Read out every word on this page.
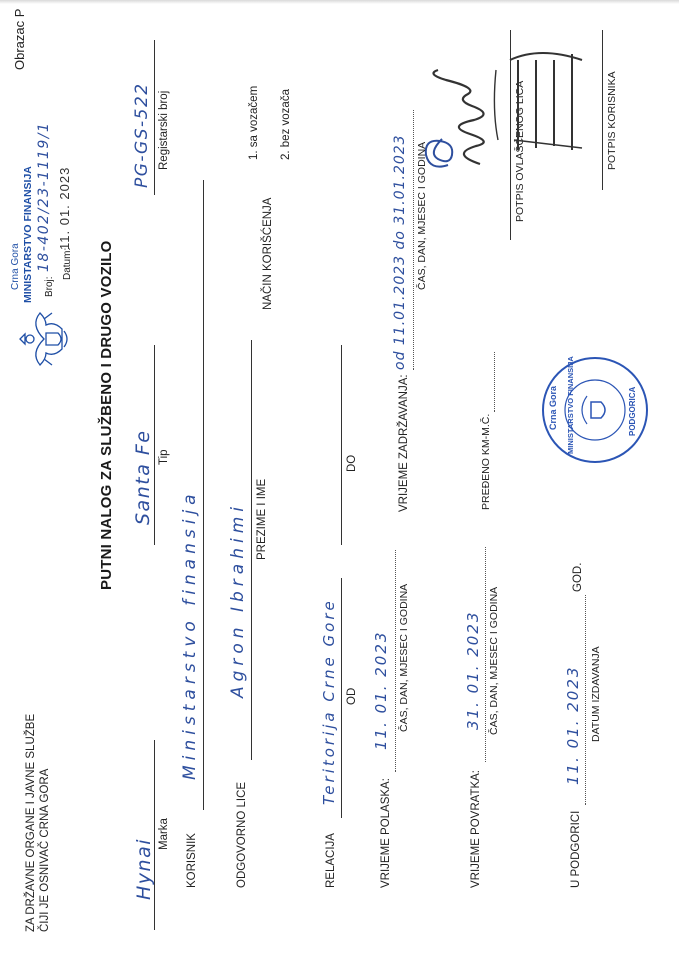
ZA DRŽAVNE ORGANE I JAVNE SLUŽBE ČIJI JE OSNIVAČ CRNA GORA
Crna Gora MINISTARSTVO FINANSIJA Broj:
18-402/23-1119/1 Datum:
11. 01. 2023
Obrazac P
PUTNI NALOG ZA SLUŽBENO I DRUGO VOZILO
Hynai
Marka
Santa Fe Tip
PG-GS-522 Registarski broj
KORISNIK
Ministarstvo finansija
ODGOVORNO LICE
Agron Ibrahimi PREZIME I IME
NAČIN KORIŠĆENJA
1. sa vozačem 2. bez vozača
RELACIJA
Teritorija Crne Gore OD
DO
VRIJEME POLASKA:
11. 01. 2023 ČAS, DAN, MJESEC I GODINA
VRIJEME ZADRŽAVANJA:
od 11.01.2023 do 31.01.2023 ČAS, DAN, MJESEC I GODINA
VRIJEME POVRATKA:
31. 01. 2023 ČAS, DAN, MJESEC I GODINA
PREĐENO KM-M.Č.
U PODGORICI
11. 01. 2023
GOD.
DATUM IZDAVANJA
Crna Gora MINISTARSTVO FINANSIJA	PODGORICA
POTPIS OVLAŠĆENOG LICA	POTPIS KORISNIKA
